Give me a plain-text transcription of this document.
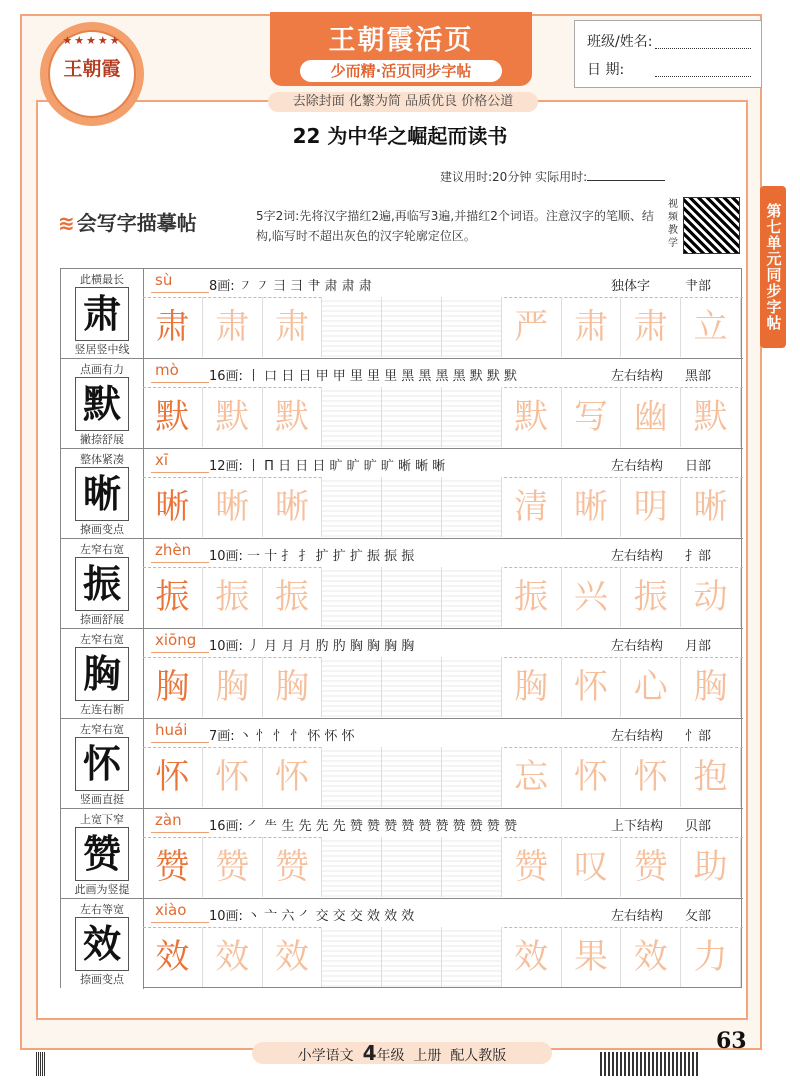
★★★★★
王朝霞
王朝霞活页
少而精·活页同步字帖
去除封面 化繁为简 品质优良 价格公道
班级/姓名:
日 期:
22 为中华之崛起而读书
建议用时:20分钟 实际用时:
第七单元同步字帖
≋ 会写字描摹帖	5字2词:先将汉字描红2遍,再临写3遍,并描红2个词语。注意汉字的笔顺、结构,临写时不超出灰色的汉字轮廓定位区。
视频教学
此横最长
肃
竖居竖中线
sù	8画: ㇇ ㇇ ⺕ ⺕ 肀 肃 肃 肃	独体字	肀部
肃 肃 肃	严 肃 肃 立
点画有力
默
撇捺舒展
mò 16画: 丨 口 日 日 甲 甲 里 里 里 黑 黑 黑 黑 默 默 默	左右结构 黑部
默 默 默	默 写 幽 默
整体紧凑
晰
撩画变点
xī	12画: 丨 П 日 日 日 旷 旷 旷 旷 晰 晰 晰	左右结构 日部
晰 晰 晰	清 晰 明 晰
左窄右宽
振
捺画舒展
zhèn 10画: 一 十 扌 扌 扩 扩 扩 振 振 振	左右结构 扌部
振 振 振	振 兴 振 动
左窄右宽
胸
左连右断
xiōng 10画: 丿 月 月 月 肑 肑 胸 胸 胸 胸	左右结构 月部
胸 胸 胸	胸 怀 心 胸
左窄右宽
怀
竖画直挺
huái 7画: 丶 忄 忄 忄 怀 怀 怀	左右结构 忄部
怀 怀 怀	忘 怀 怀 抱
上宽下窄
赞
此画为竖提
zàn 16画: ㇒ ⺧ 生 先 先 先 赞 赞 赞 赞 赞 赞 赞 赞 赞 赞	上下结构 贝部
赞 赞 赞	赞 叹 赞 助
左右等宽
效
捺画变点
xiào 10画: 丶 亠 六 ㇒ 交 交 交 效 效 效	左右结构 攵部
效 效 效	效 果 效 力
小学语文 4年级 上册 配人教版
63
